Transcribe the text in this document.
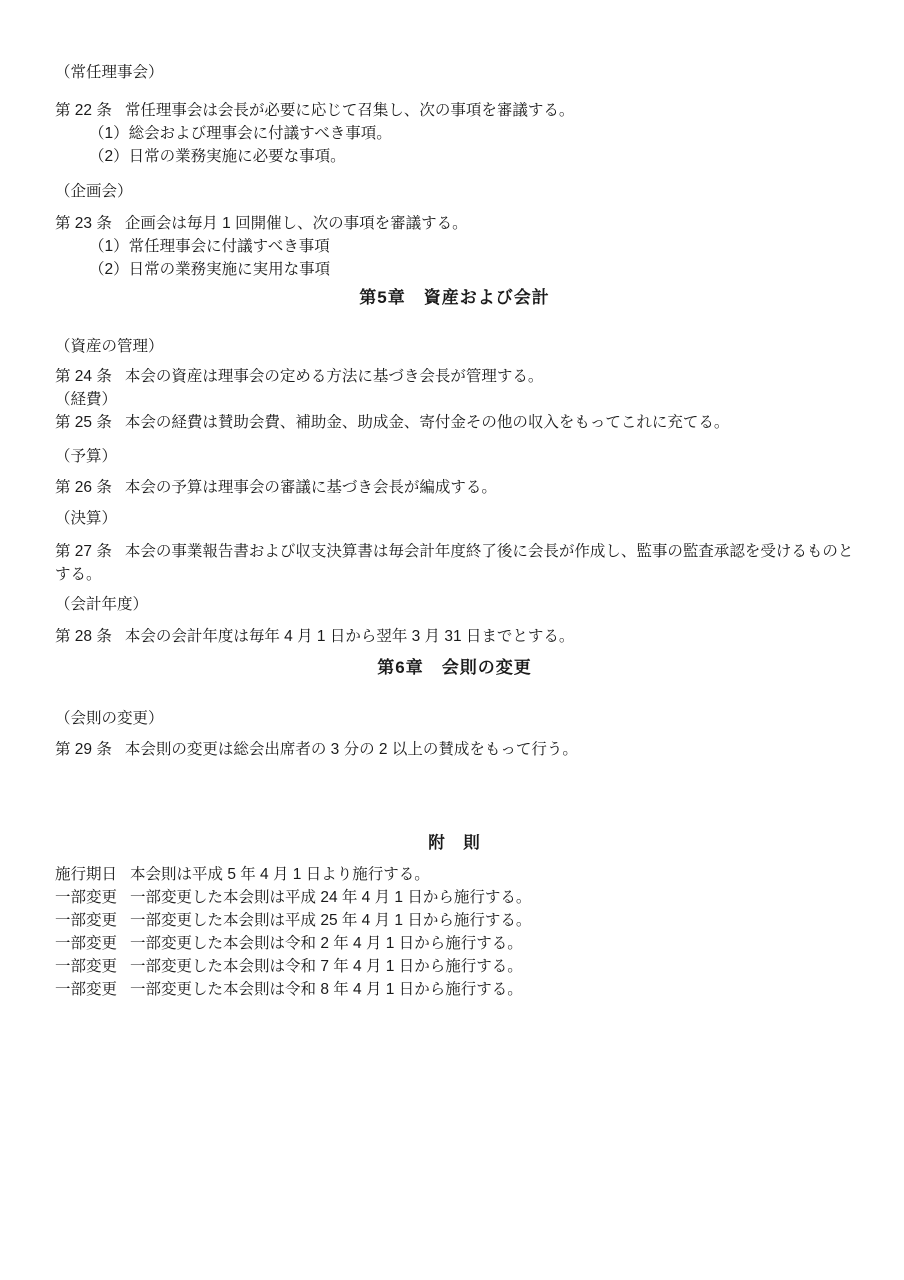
（常任理事会）

第 22 条 常任理事会は会長が必要に応じて召集し、次の事項を審議する。

（1）総会および理事会に付議すべき事項。

（2）日常の業務実施に必要な事項。

（企画会）

第 23 条 企画会は毎月 1 回開催し、次の事項を審議する。

（1）常任理事会に付議すべき事項

（2）日常の業務実施に実用な事項

第5章　資産および会計

（資産の管理）

第 24 条 本会の資産は理事会の定める方法に基づき会長が管理する。

（経費）

第 25 条 本会の経費は賛助会費、補助金、助成金、寄付金その他の収入をもってこれに充てる。

（予算）

第 26 条 本会の予算は理事会の審議に基づき会長が編成する。

（決算）

第 27 条 本会の事業報告書および収支決算書は毎会計年度終了後に会長が作成し、監事の監査承認を受けるものとする。

（会計年度）

第 28 条 本会の会計年度は毎年 4 月 1 日から翌年 3 月 31 日までとする。

第6章　会則の変更

（会則の変更）

第 29 条 本会則の変更は総会出席者の 3 分の 2 以上の賛成をもって行う。

附　則

施行期日 本会則は平成 5 年 4 月 1 日より施行する。

一部変更 一部変更した本会則は平成 24 年 4 月 1 日から施行する。

一部変更 一部変更した本会則は平成 25 年 4 月 1 日から施行する。

一部変更 一部変更した本会則は令和 2 年 4 月 1 日から施行する。

一部変更 一部変更した本会則は令和 7 年 4 月 1 日から施行する。

一部変更 一部変更した本会則は令和 8 年 4 月 1 日から施行する。
